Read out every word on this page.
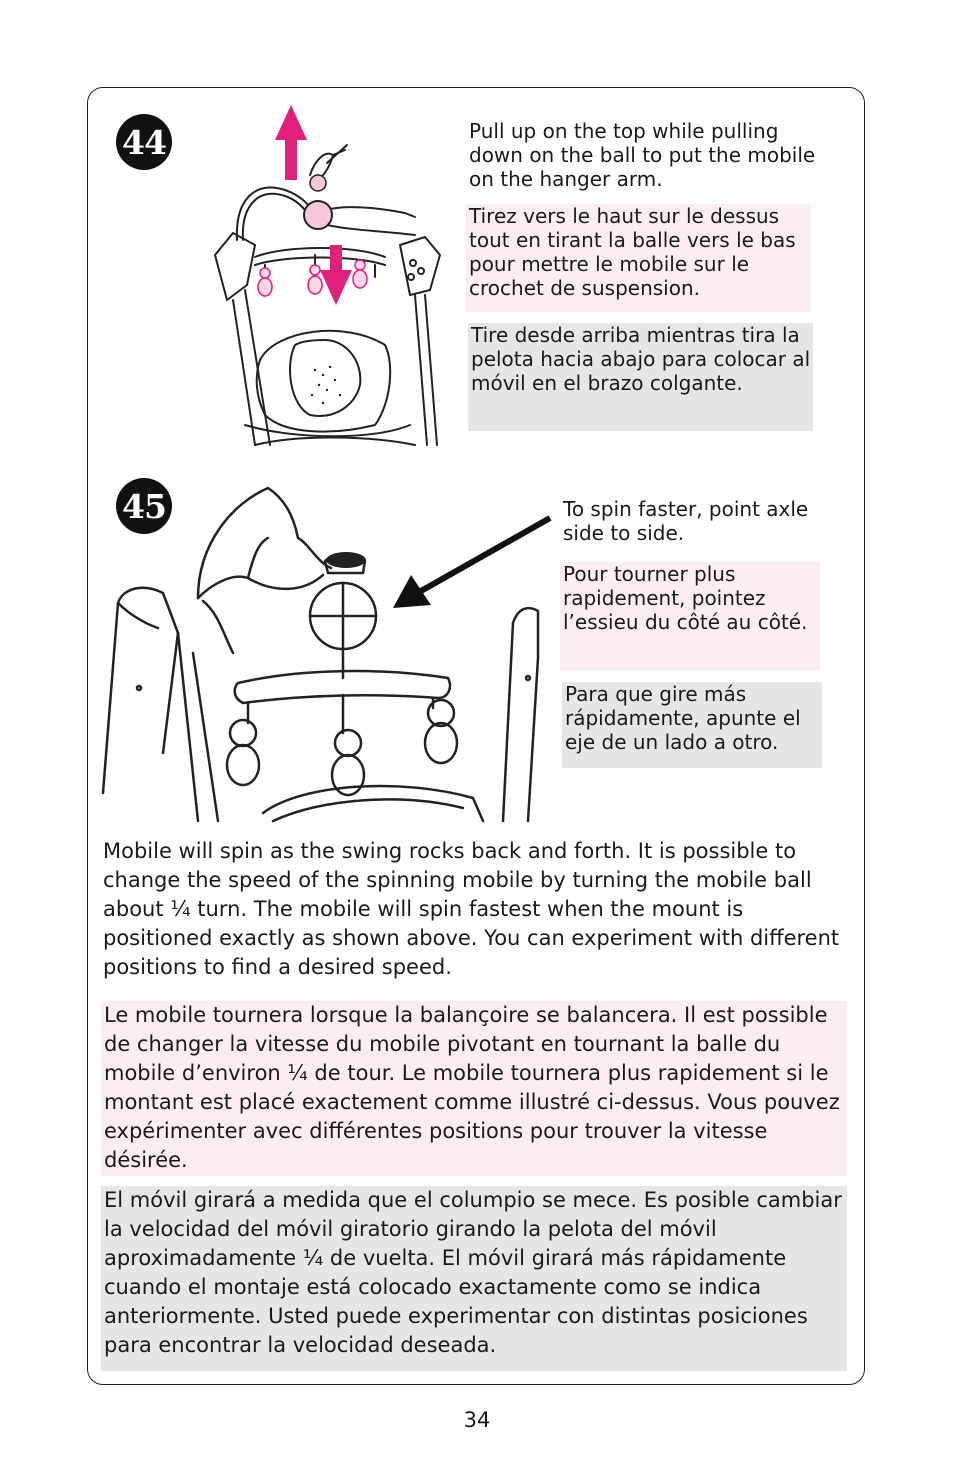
44	Pull up on the top while pulling down on the ball to put the mobile on the hanger arm.

Tirez vers le haut sur le dessus tout en tirant la balle vers le bas pour mettre le mobile sur le crochet de suspension.

Tire desde arriba mientras tira la pelota hacia abajo para colocar al móvil en el brazo colgante.

45	To spin faster, point axle side to side.

Pour tourner plus rapidement, pointez l’essieu du côté au côté.

Para que gire más rápidamente, apunte el eje de un lado a otro.

Mobile will spin as the swing rocks back and forth. It is possible to change the speed of the spinning mobile by turning the mobile ball about ¼ turn. The mobile will spin fastest when the mount is positioned exactly as shown above. You can experiment with different positions to find a desired speed.

Le mobile tournera lorsque la balançoire se balancera. Il est possible de changer la vitesse du mobile pivotant en tournant la balle du mobile d’environ ¼ de tour. Le mobile tournera plus rapidement si le montant est placé exactement comme illustré ci-dessus. Vous pouvez expérimenter avec différentes positions pour trouver la vitesse désirée.

El móvil girará a medida que el columpio se mece. Es posible cambiar la velocidad del móvil giratorio girando la pelota del móvil aproximadamente ¼ de vuelta. El móvil girará más rápidamente cuando el montaje está colocado exactamente como se indica anteriormente. Usted puede experimentar con distintas posiciones para encontrar la velocidad deseada.

34
